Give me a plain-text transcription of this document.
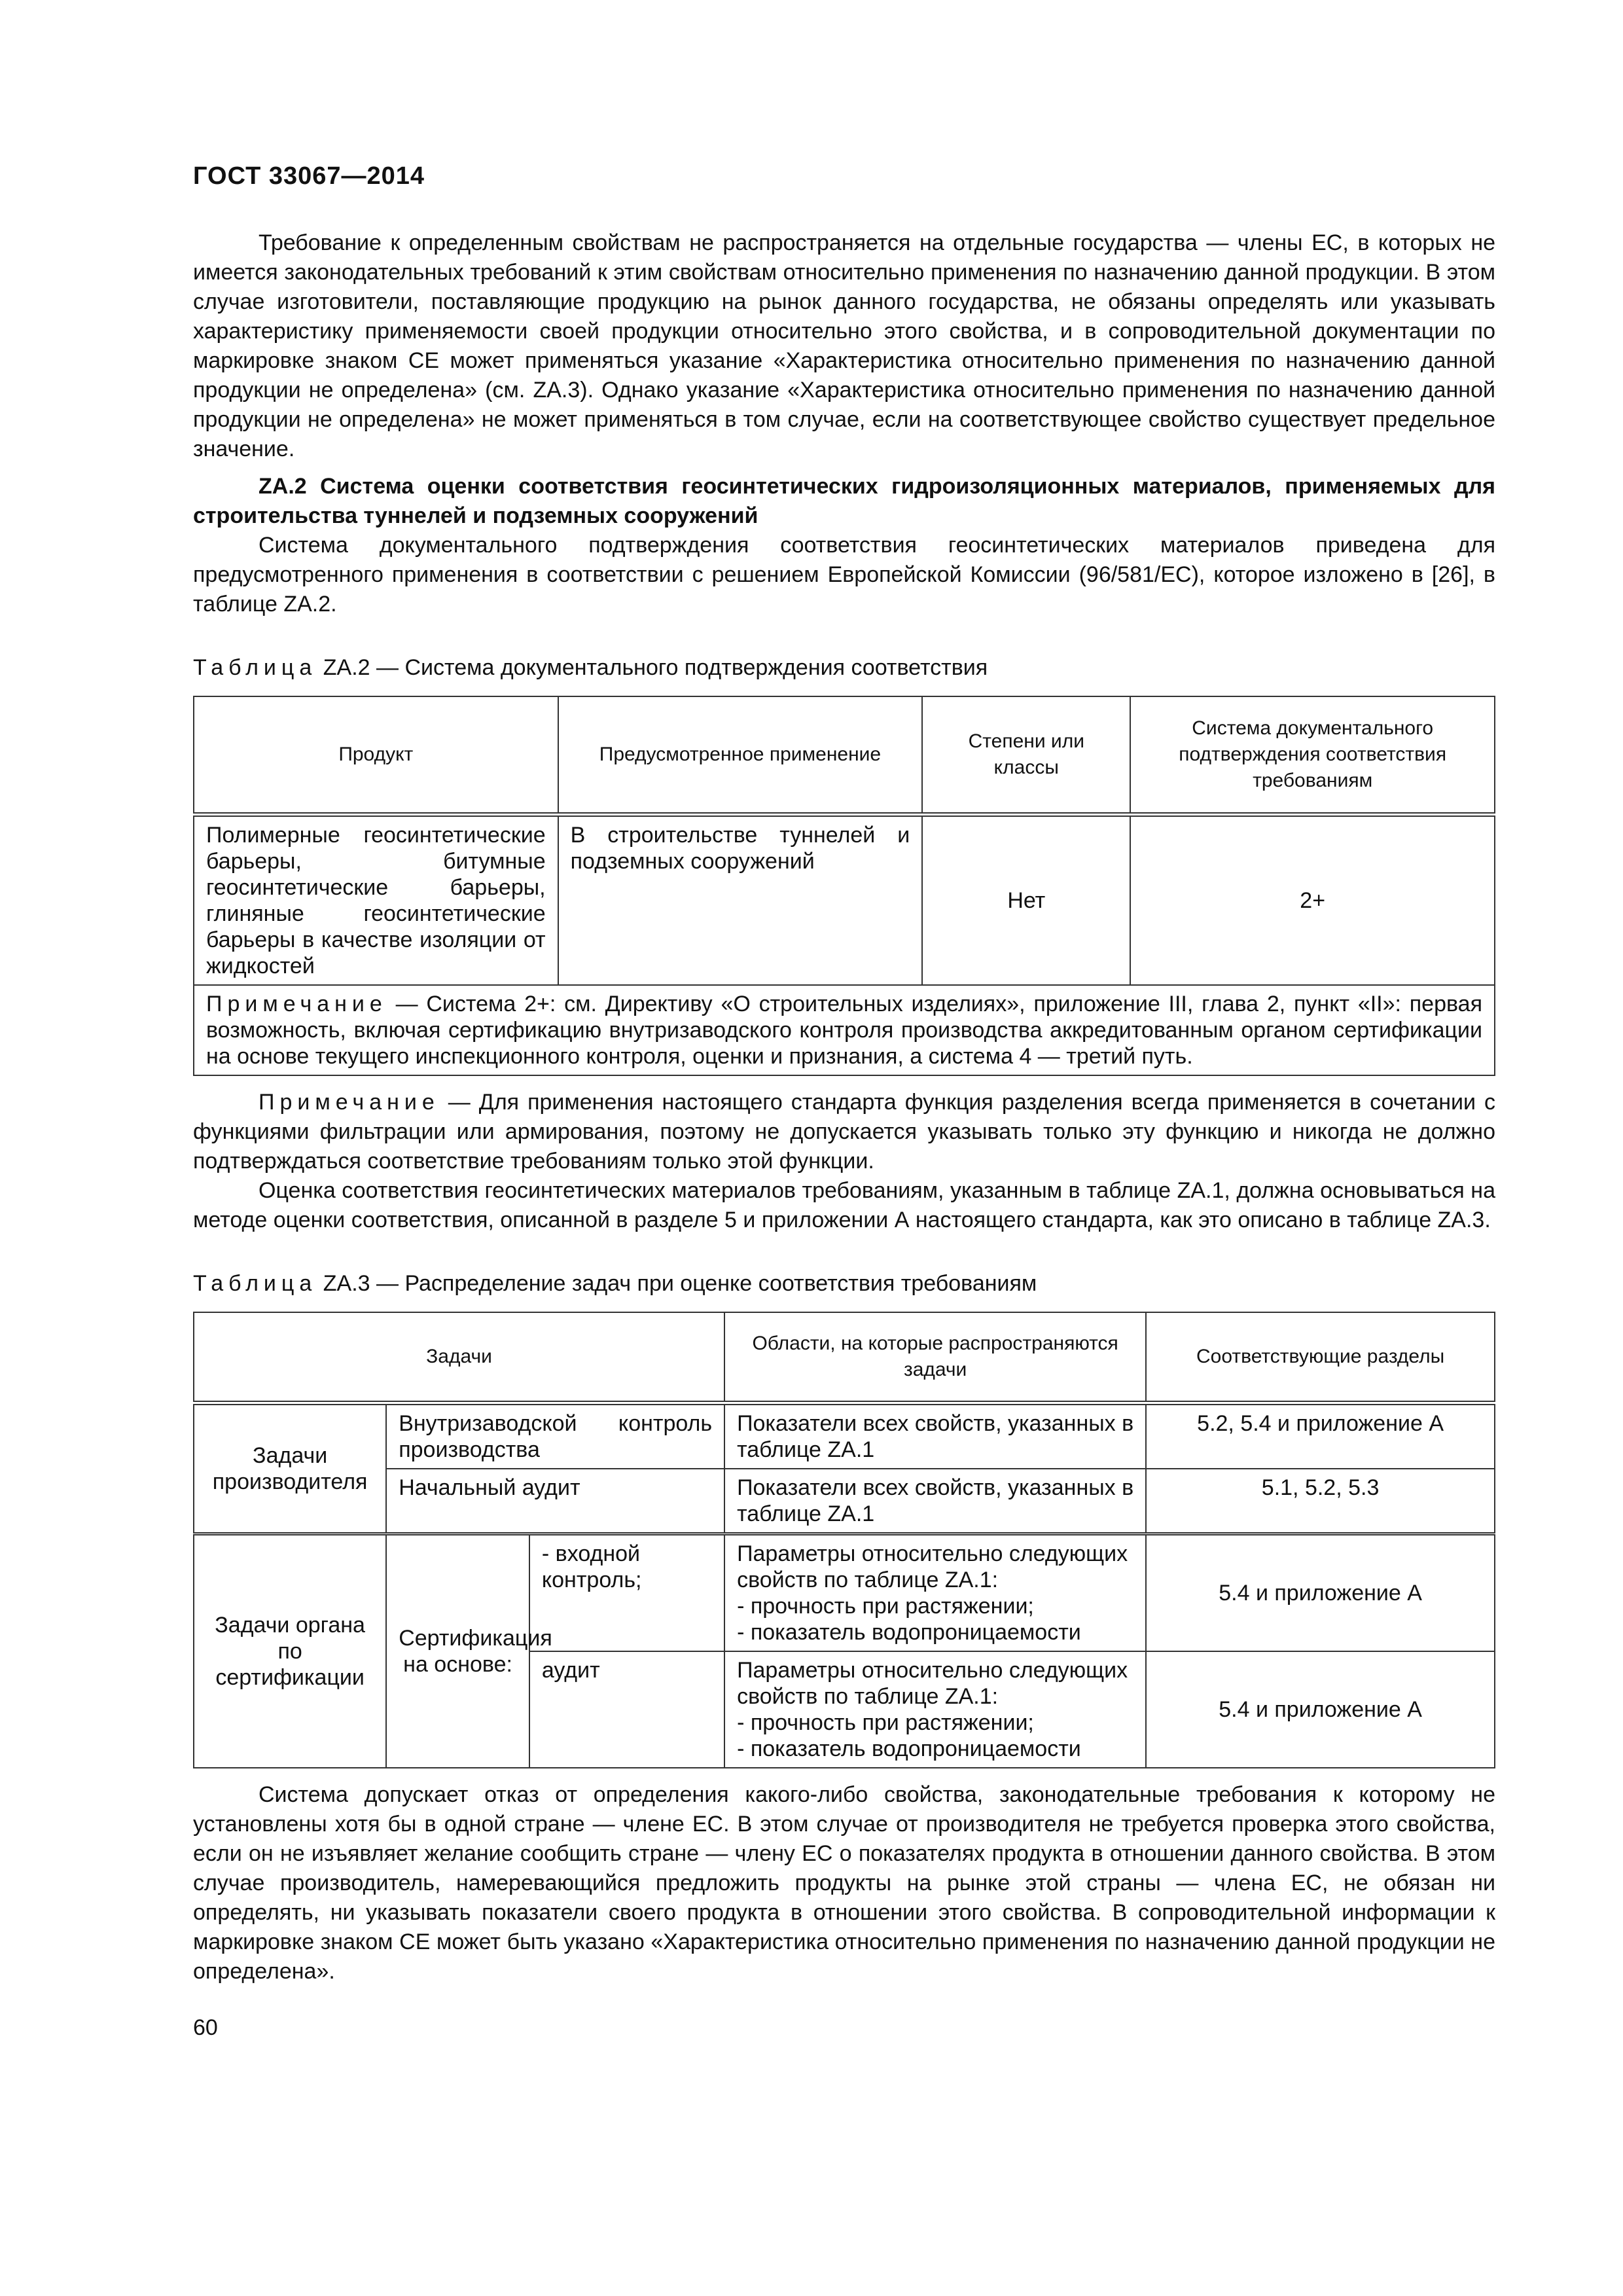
ГОСТ 33067—2014

Требование к определенным свойствам не распространяется на отдельные государства — члены ЕС, в которых не имеется законодательных требований к этим свойствам относительно применения по назначению данной продукции. В этом случае изготовители, поставляющие продукцию на рынок данного государства, не обязаны определять или указывать характеристику применяемости своей продукции относительно этого свойства, и в сопроводительной документации по маркировке знаком СЕ может применяться указание «Характеристика относительно применения по назначению данной продукции не определена» (см. ZA.3). Однако указание «Характеристика относительно применения по назначению данной продукции не определена» не может применяться в том случае, если на соответствующее свойство существует предельное значение.

ZA.2 Система оценки соответствия геосинтетических гидроизоляционных материалов, применяемых для строительства туннелей и подземных сооружений

Система документального подтверждения соответствия геосинтетических материалов приведена для предусмотренного применения в соответствии с решением Европейской Комиссии (96/581/ЕС), которое изложено в [26], в таблице ZA.2.

Таблица ZA.2 — Система документального подтверждения соответствия
Продукт	Предусмотренное применение	Степени или классы	Система документального подтверждения соответствия требованиям
Полимерные геосинтетические барьеры, битумные геосинтетические барьеры, глиняные геосинтетические барьеры в качестве изоляции от жидкостей	В строительстве туннелей и подземных сооружений	Нет	2+
Примечание — Система 2+: см. Директиву «О строительных изделиях», приложение III, глава 2, пункт «II»: первая возможность, включая сертификацию внутризаводского контроля производства аккредитованным органом сертификации на основе текущего инспекционного контроля, оценки и признания, а система 4 — третий путь.			

Примечание — Для применения настоящего стандарта функция разделения всегда применяется в сочетании с функциями фильтрации или армирования, поэтому не допускается указывать только эту функцию и никогда не должно подтверждаться соответствие требованиям только этой функции.

Оценка соответствия геосинтетических материалов требованиям, указанным в таблице ZA.1, должна основываться на методе оценки соответствия, описанной в разделе 5 и приложении А настоящего стандарта, как это описано в таблице ZA.3.

Таблица ZA.3 — Распределение задач при оценке соответствия требованиям
Задачи			Области, на которые распространяются задачи	Соответствующие разделы
Задачи производителя	Внутризаводской контроль производства		Показатели всех свойств, указанных в таблице ZA.1	5.2, 5.4 и приложение А
	Начальный аудит		Показатели всех свойств, указанных в таблице ZA.1	5.1, 5.2, 5.3
Задачи органа по сертификации	Сертификация на основе:	- входной контроль;	Параметры относительно следующих свойств по таблице ZA.1:
- прочность при растяжении;
- показатель водопроницаемости	5.4 и приложение А
		аудит	Параметры относительно следующих свойств по таблице ZA.1:
- прочность при растяжении;
- показатель водопроницаемости	5.4 и приложение А

Система допускает отказ от определения какого-либо свойства, законодательные требования к которому не установлены хотя бы в одной стране — члене ЕС. В этом случае от производителя не требуется проверка этого свойства, если он не изъявляет желание сообщить стране — члену ЕС о показателях продукта в отношении данного свойства. В этом случае производитель, намеревающийся предложить продукты на рынке этой страны — члена ЕС, не обязан ни определять, ни указывать показатели своего продукта в отношении этого свойства. В сопроводительной информации к маркировке знаком СЕ может быть указано «Характеристика относительно применения по назначению данной продукции не определена».

60
